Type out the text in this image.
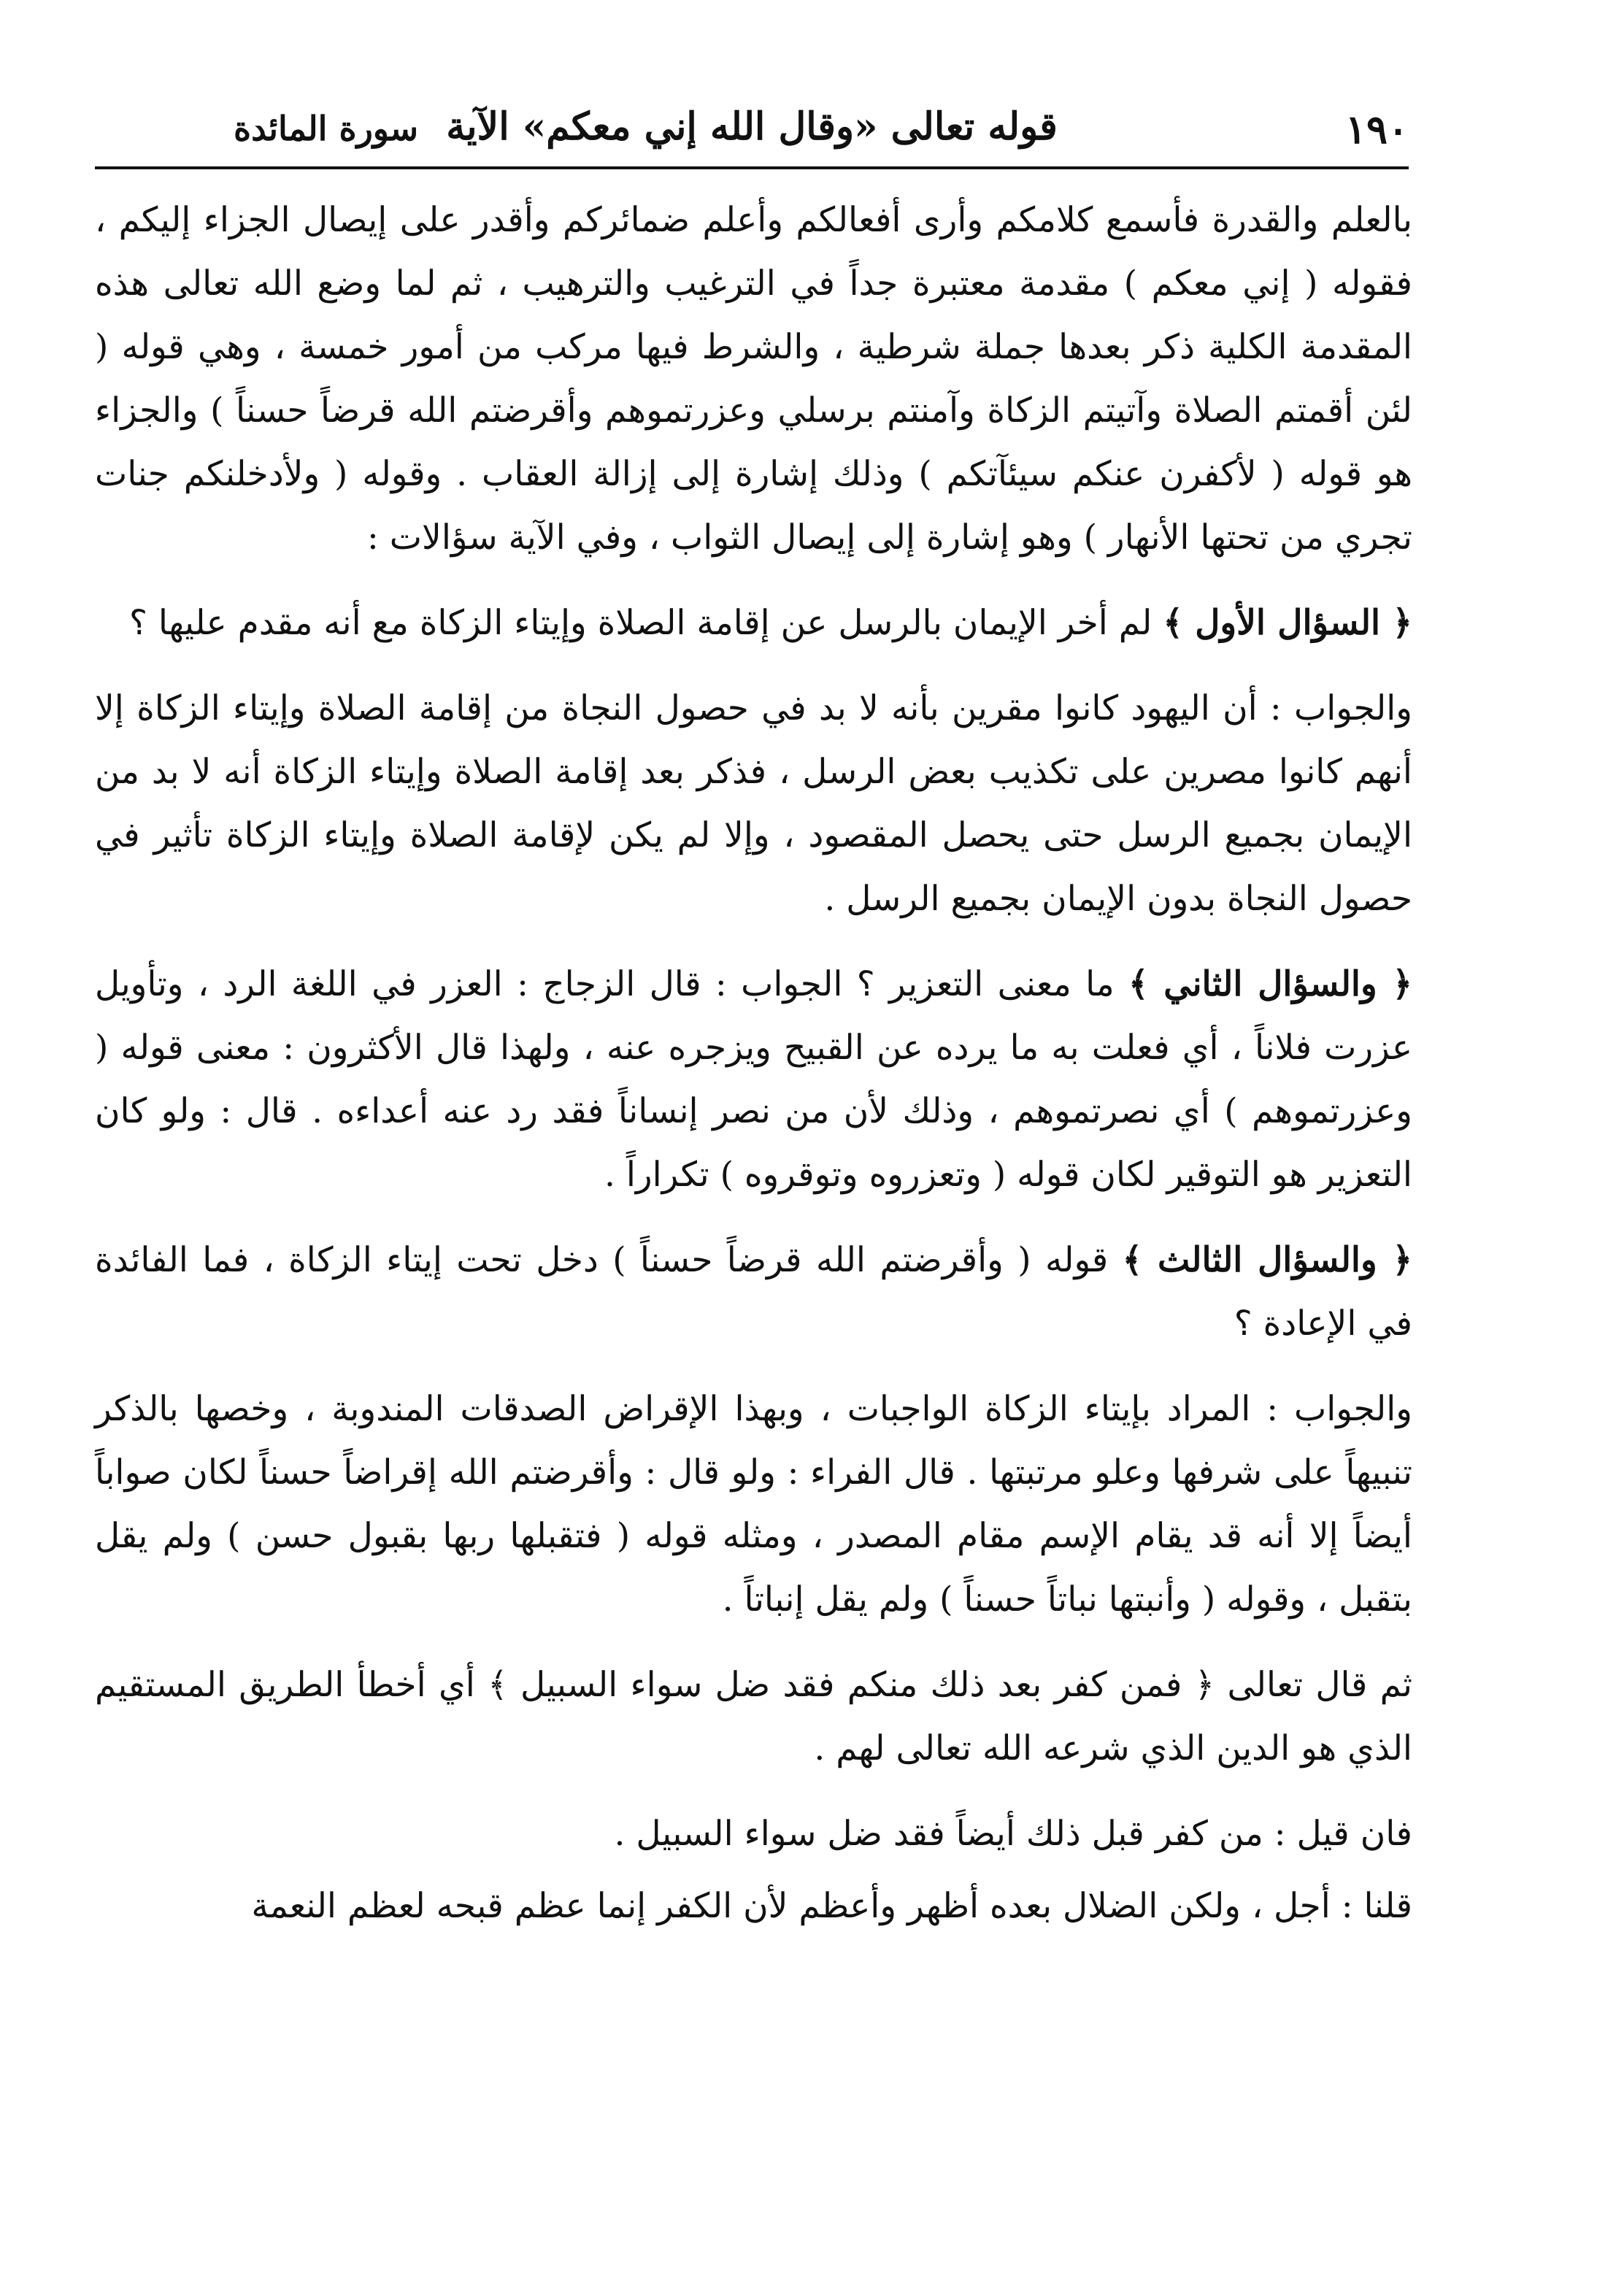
١٩٠
قوله تعالى «وقال الله إني معكم» الآية
سورة المائدة

بالعلم والقدرة فأسمع كلامكم وأرى أفعالكم وأعلم ضمائركم وأقدر على إيصال الجزاء إليكم ، فقوله ( إني معكم ) مقدمة معتبرة جداً في الترغيب والترهيب ، ثم لما وضع الله تعالى هذه المقدمة الكلية ذكر بعدها جملة شرطية ، والشرط فيها مركب من أمور خمسة ، وهي قوله ( لئن أقمتم الصلاة وآتيتم الزكاة وآمنتم برسلي وعزرتموهم وأقرضتم الله قرضاً حسناً ) والجزاء هو قوله ( لأكفرن عنكم سيئآتكم ) وذلك إشارة إلى إزالة العقاب . وقوله ( ولأدخلنكم جنات تجري من تحتها الأنهار ) وهو إشارة إلى إيصال الثواب ، وفي الآية سؤالات :

﴿ السؤال الأول ﴾ لم أخر الإيمان بالرسل عن إقامة الصلاة وإيتاء الزكاة مع أنه مقدم عليها ؟

والجواب : أن اليهود كانوا مقرين بأنه لا بد في حصول النجاة من إقامة الصلاة وإيتاء الزكاة إلا أنهم كانوا مصرين على تكذيب بعض الرسل ، فذكر بعد إقامة الصلاة وإيتاء الزكاة أنه لا بد من الإيمان بجميع الرسل حتى يحصل المقصود ، وإلا لم يكن لإقامة الصلاة وإيتاء الزكاة تأثير في حصول النجاة بدون الإيمان بجميع الرسل .

﴿ والسؤال الثاني ﴾ ما معنى التعزير ؟ الجواب : قال الزجاج : العزر في اللغة الرد ، وتأويل عزرت فلاناً ، أي فعلت به ما يرده عن القبيح ويزجره عنه ، ولهذا قال الأكثرون : معنى قوله ( وعزرتموهم ) أي نصرتموهم ، وذلك لأن من نصر إنساناً فقد رد عنه أعداءه . قال : ولو كان التعزير هو التوقير لكان قوله ( وتعزروه وتوقروه ) تكراراً .

﴿ والسؤال الثالث ﴾ قوله ( وأقرضتم الله قرضاً حسناً ) دخل تحت إيتاء الزكاة ، فما الفائدة في الإعادة ؟

والجواب : المراد بإيتاء الزكاة الواجبات ، وبهذا الإقراض الصدقات المندوبة ، وخصها بالذكر تنبيهاً على شرفها وعلو مرتبتها . قال الفراء : ولو قال : وأقرضتم الله إقراضاً حسناً لكان صواباً أيضاً إلا أنه قد يقام الإسم مقام المصدر ، ومثله قوله ( فتقبلها ربها بقبول حسن ) ولم يقل بتقبل ، وقوله ( وأنبتها نباتاً حسناً ) ولم يقل إنباتاً .

ثم قال تعالى ﴿ فمن كفر بعد ذلك منكم فقد ضل سواء السبيل ﴾ أي أخطأ الطريق المستقيم الذي هو الدين الذي شرعه الله تعالى لهم .

فان قيل : من كفر قبل ذلك أيضاً فقد ضل سواء السبيل .

قلنا : أجل ، ولكن الضلال بعده أظهر وأعظم لأن الكفر إنما عظم قبحه لعظم النعمة
